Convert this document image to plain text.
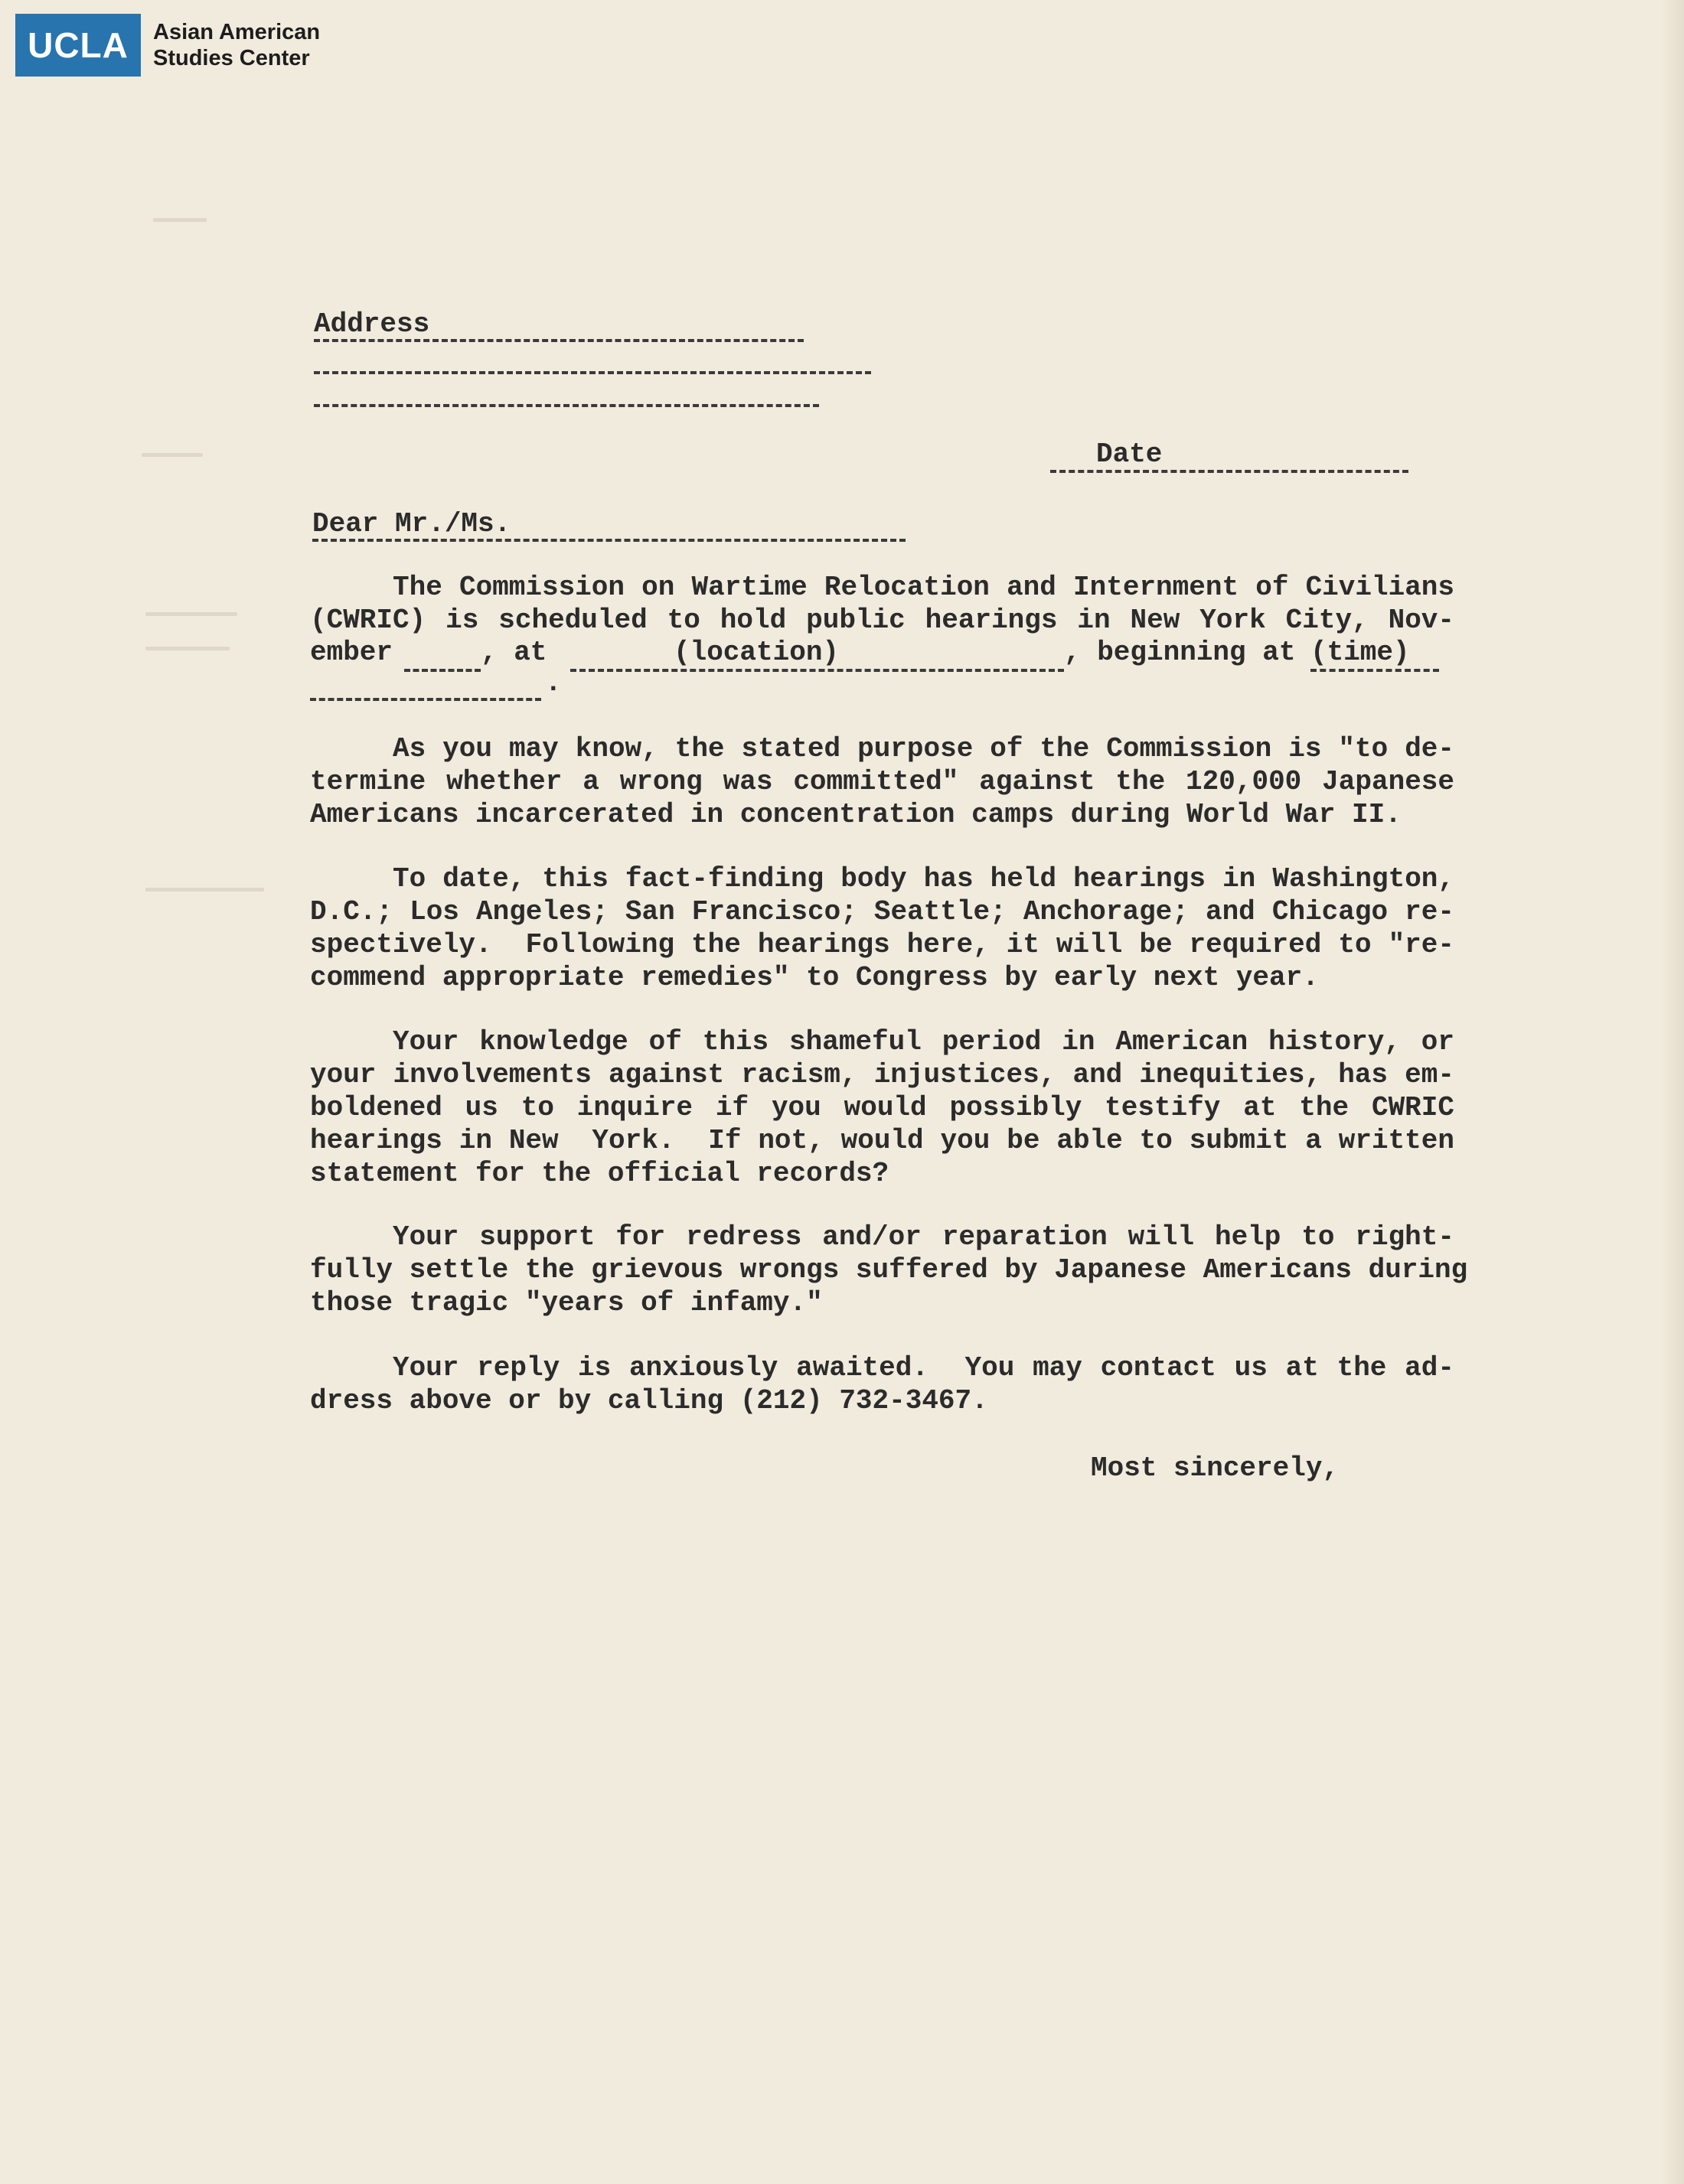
UCLA	Asian American
Studies Center
Address
Date
Dear Mr./Ms.
The Commission on Wartime Relocation and Internment of Civilians
(CWRIC) is scheduled to hold public hearings in New York City, Nov-
ember	, at	(location)	, beginning at (time)
.
As you may know, the stated purpose of the Commission is "to de-
termine whether a wrong was committed" against the 120,000 Japanese
Americans incarcerated in concentration camps during World War II.
To date, this fact-finding body has held hearings in Washington,
D.C.; Los Angeles; San Francisco; Seattle; Anchorage; and Chicago re-
spectively.  Following the hearings here, it will be required to "re-
commend appropriate remedies" to Congress by early next year.
Your knowledge of this shameful period in American history, or
your involvements against racism, injustices, and inequities, has em-
boldened us to inquire if you would possibly testify at the CWRIC
hearings in New  York.  If not, would you be able to submit a written
statement for the official records?
Your support for redress and/or reparation will help to right-
fully settle the grievous wrongs suffered by Japanese Americans during
those tragic "years of infamy."
Your reply is anxiously awaited.  You may contact us at the ad-
dress above or by calling (212) 732-3467.
Most sincerely,
